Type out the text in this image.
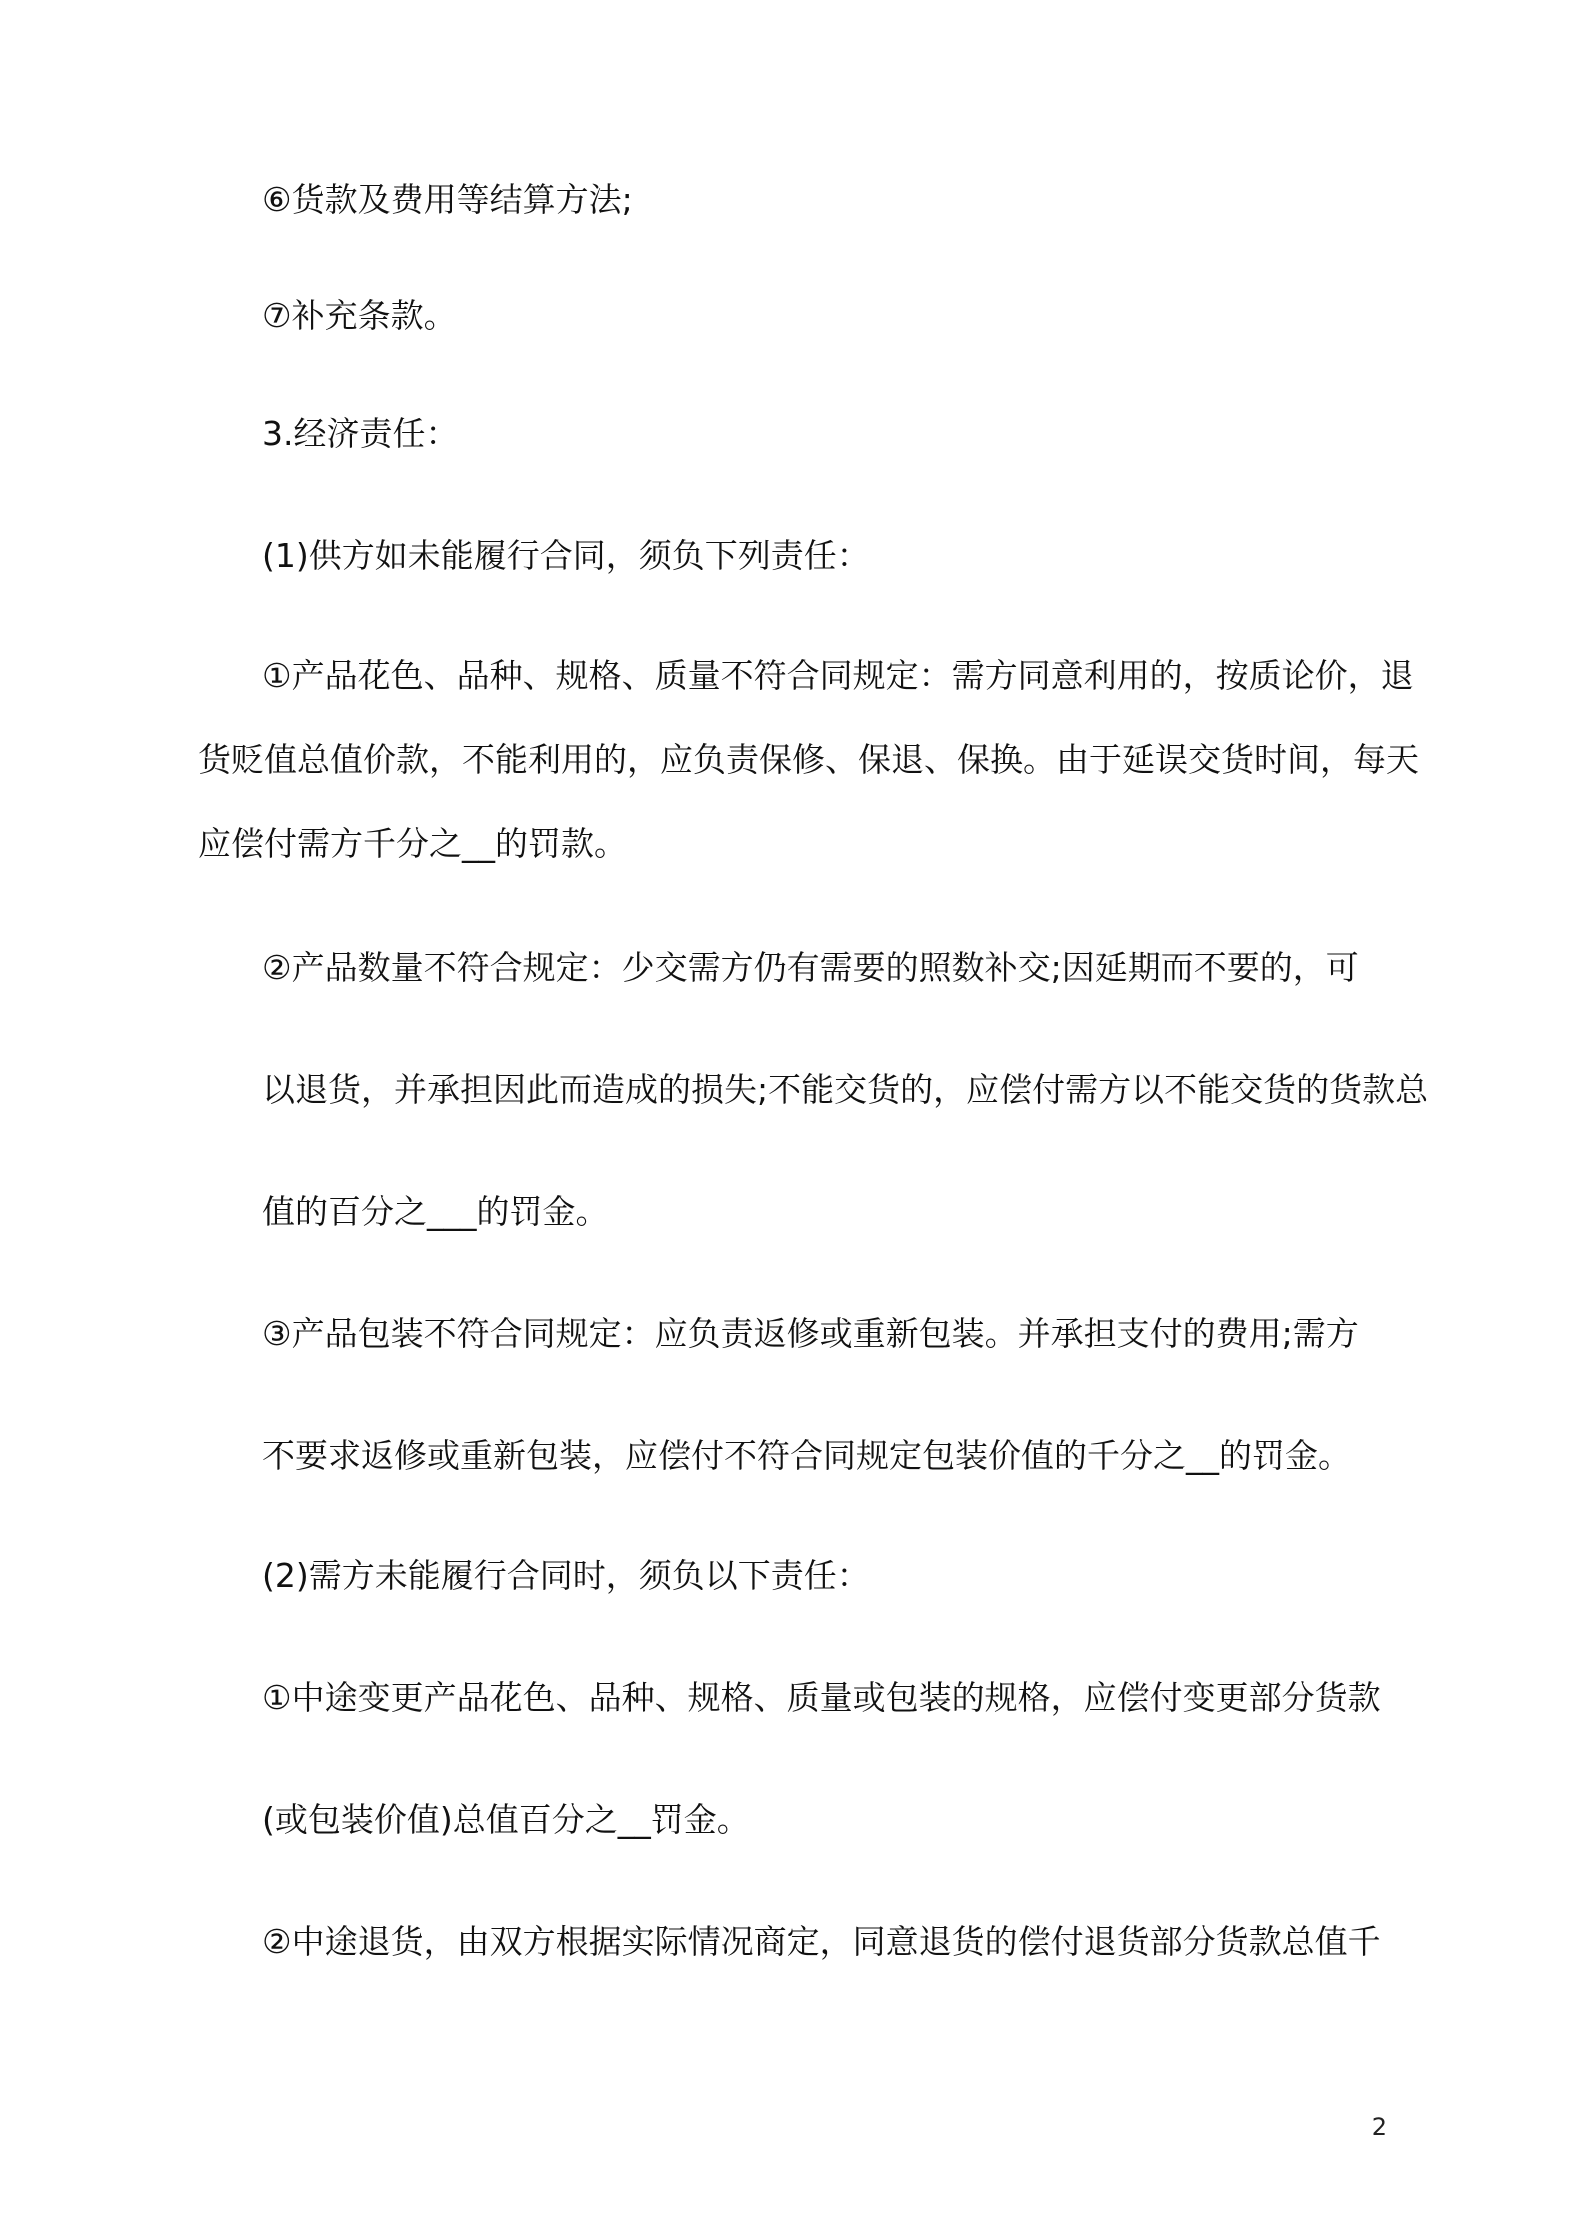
⑥货款及费用等结算方法;
⑦补充条款。
3.经济责任：
(1)供方如未能履行合同，须负下列责任：
①产品花色、品种、规格、质量不符合同规定：需方同意利用的，按质论价，退
货贬值总值价款，不能利用的，应负责保修、保退、保换。由于延误交货时间，每天
应偿付需方千分之__的罚款。
②产品数量不符合规定：少交需方仍有需要的照数补交;因延期而不要的，可
以退货，并承担因此而造成的损失;不能交货的，应偿付需方以不能交货的货款总
值的百分之___的罚金。
③产品包装不符合同规定：应负责返修或重新包装。并承担支付的费用;需方
不要求返修或重新包装，应偿付不符合同规定包装价值的千分之__的罚金。
(2)需方未能履行合同时，须负以下责任：
①中途变更产品花色、品种、规格、质量或包装的规格，应偿付变更部分货款
(或包装价值)总值百分之__罚金。
②中途退货，由双方根据实际情况商定，同意退货的偿付退货部分货款总值千
2
